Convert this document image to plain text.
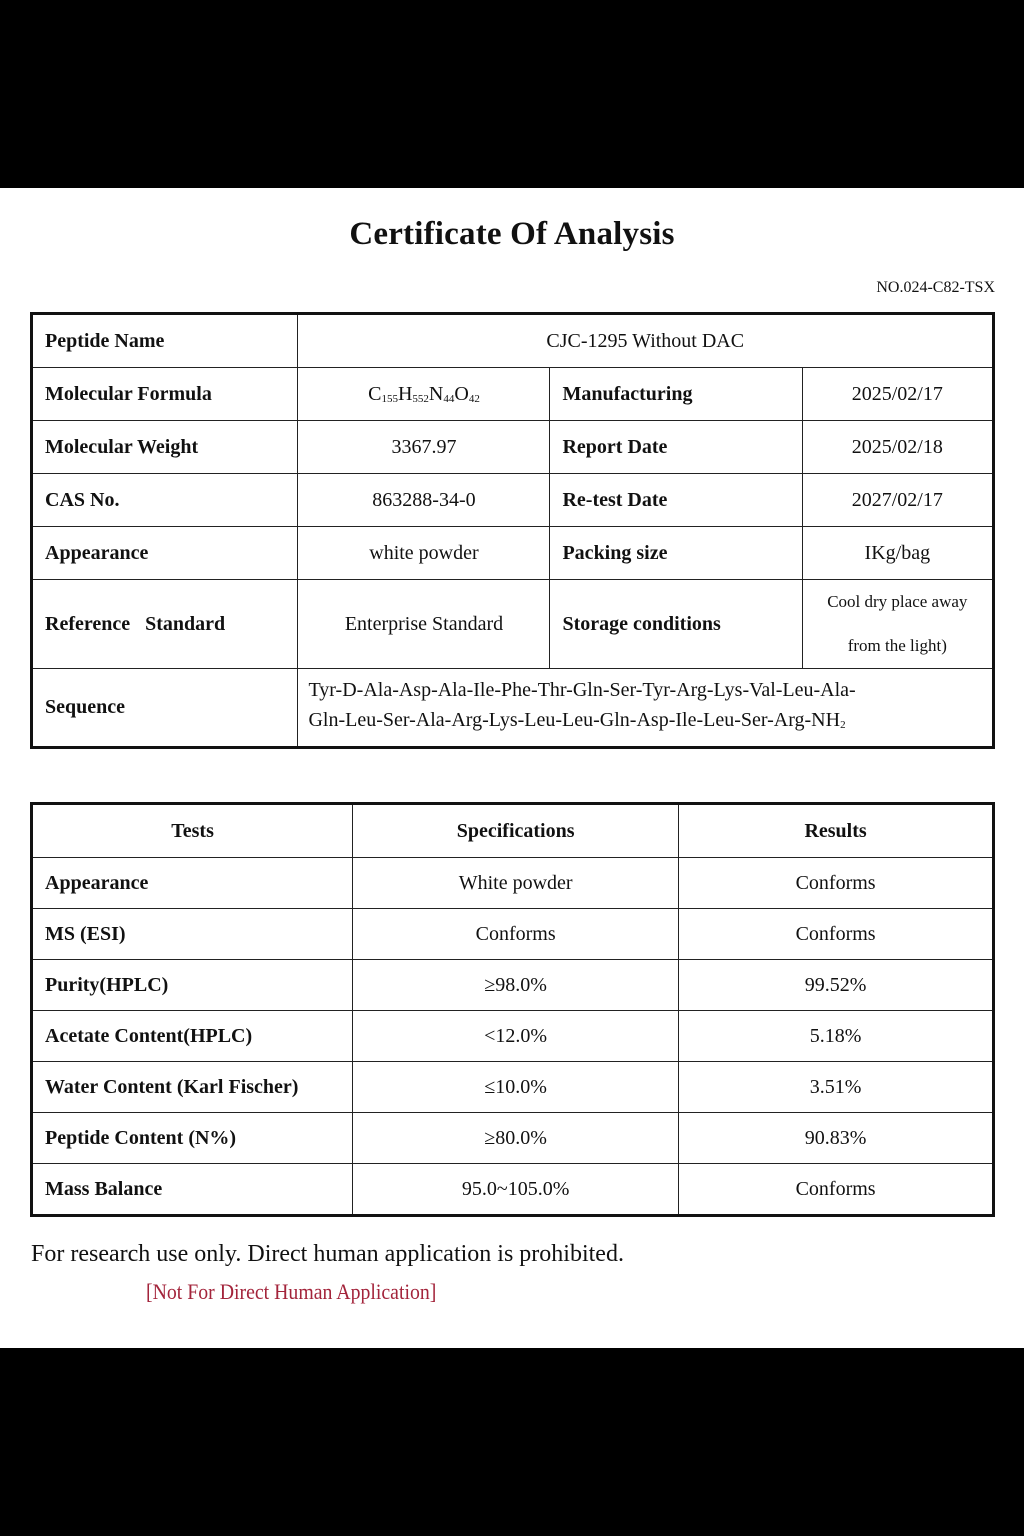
Certificate Of Analysis
NO.024-C82-TSX
Peptide Name	CJC-1295 Without DAC		
Molecular Formula	$C_{155}H_{552}N_{44}O_{42}$	Manufacturing	2025/02/17
Molecular Weight	3367.97	Report Date	2025/02/18
CAS No.	863288-34-0	Re-test Date	2027/02/17
Appearance	white powder	Packing size	IKg/bag
Reference   Standard	Enterprise Standard	Storage conditions	Cool dry place away
from the light)

Sequence	Tyr-D-Ala-Asp-Ala-Ile-Phe-Thr-Gln-Ser-Tyr-Arg-Lys-Val-Leu-Ala-
Gln-$Leu-Ser-Ala-Arg-Lys-Leu-Leu-Gln-Asp-Ile-Leu-Ser-Arg-NH_2$
Tests	Specifications	Results
Appearance	White powder	Conforms
MS (ESI)	Conforms	Conforms
Purity(HPLC)	≥98.0%	99.52%
Acetate Content(HPLC)	<12.0%	5.18%
Water Content (Karl Fischer)	≤10.0%	3.51%
Peptide Content (N%)	≥80.0%	90.83%
Mass Balance	95.0~105.0%	Conforms
For research use only. Direct human application is prohibited.
[Not For Direct Human Application]
